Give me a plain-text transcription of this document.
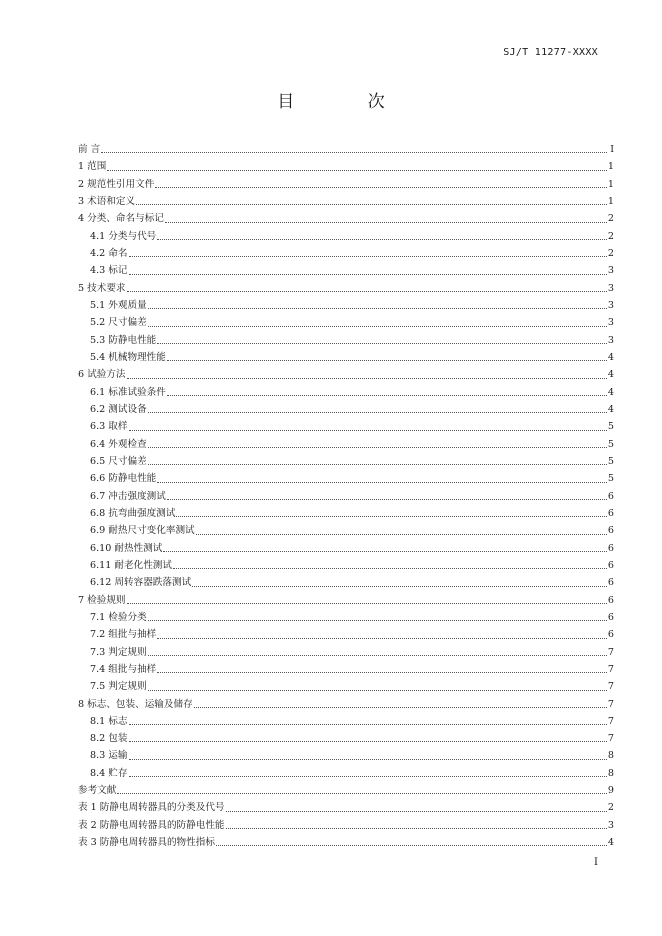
SJ/T 11277-XXXX
目 次
前 言	I
1 范围	1
2 规范性引用文件	1
3 术语和定义	1
4 分类、命名与标记	2
4.1 分类与代号	2
4.2 命名	2
4.3 标记	3
5 技术要求	3
5.1 外观质量	3
5.2 尺寸偏差	3
5.3 防静电性能	3
5.4 机械物理性能	4
6 试验方法	4
6.1 标准试验条件	4
6.2 测试设备	4
6.3 取样	5
6.4 外观检查	5
6.5 尺寸偏差	5
6.6 防静电性能	5
6.7 冲击强度测试	6
6.8 抗弯曲强度测试	6
6.9 耐热尺寸变化率测试	6
6.10 耐热性测试	6
6.11 耐老化性测试	6
6.12 周转容器跌落测试	6
7 检验规则	6
7.1 检验分类	6
7.2 组批与抽样	6
7.3 判定规则	7
7.4 组批与抽样	7
7.5 判定规则	7
8 标志、包装、运输及储存	7
8.1 标志	7
8.2 包装	7
8.3 运输	8
8.4 贮存	8
参考文献	9
表 1 防静电周转器具的分类及代号	2
表 2 防静电周转器具的防静电性能	3
表 3 防静电周转器具的物性指标	4
I
